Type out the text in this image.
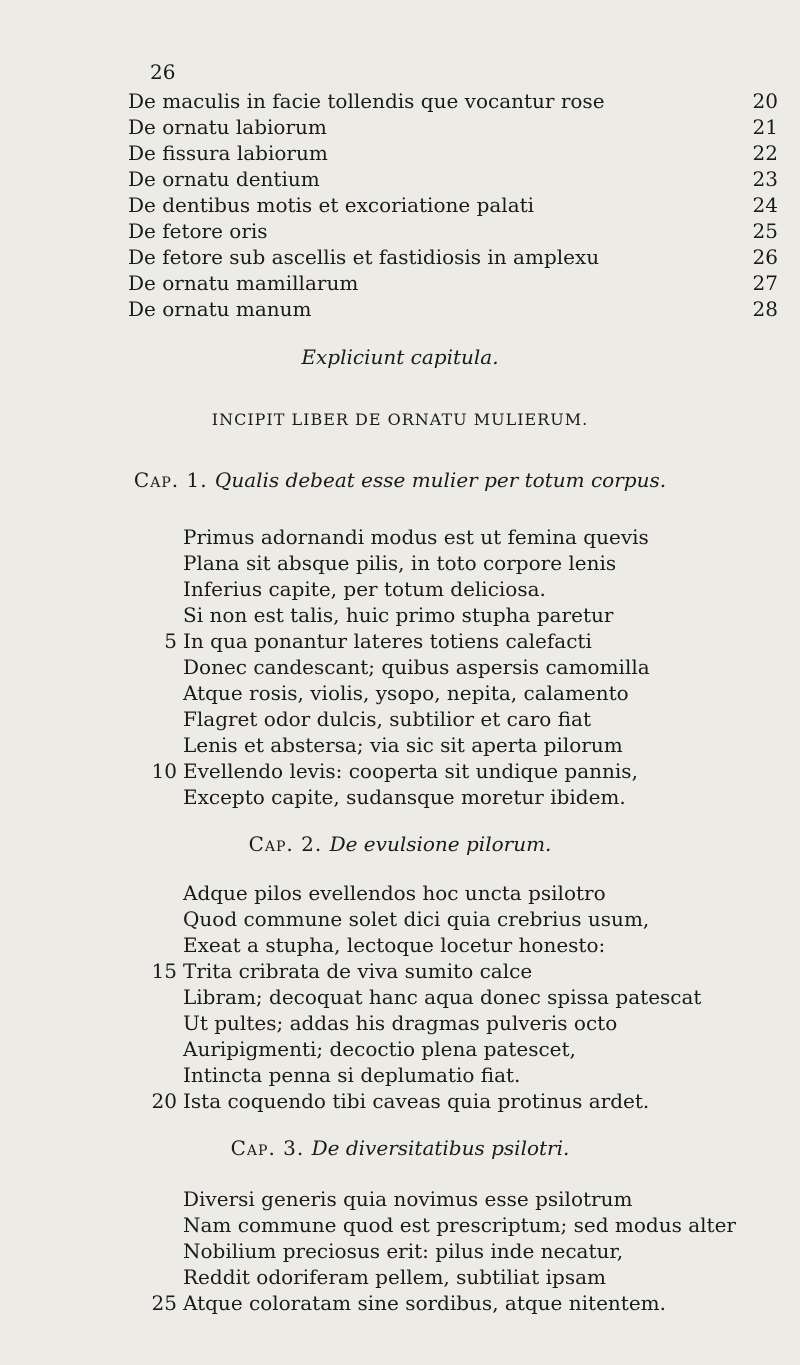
26
De maculis in facie tollendis que vocantur rose	20
De ornatu labiorum	21
De fissura labiorum	22
De ornatu dentium	23
De dentibus motis et excoriatione palati	24
De fetore oris	25
De fetore sub ascellis et fastidiosis in amplexu	26
De ornatu mamillarum	27
De ornatu manum	28
Expliciunt capitula.
INCIPIT LIBER DE ORNATU MULIERUM.
Cap. 1. Qualis debeat esse mulier per totum corpus.
Primus adornandi modus est ut femina quevis
Plana sit absque pilis, in toto corpore lenis
Inferius capite, per totum deliciosa.
Si non est talis, huic primo stupha paretur
5 In qua ponantur lateres totiens calefacti
Donec candescant; quibus aspersis camomilla
Atque rosis, violis, ysopo, nepita, calamento
Flagret odor dulcis, subtilior et caro fiat
Lenis et abstersa; via sic sit aperta pilorum
10 Evellendo levis: cooperta sit undique pannis,
Excepto capite, sudansque moretur ibidem.
Cap. 2. De evulsione pilorum.
Adque pilos evellendos hoc uncta psilotro
Quod commune solet dici quia crebrius usum,
Exeat a stupha, lectoque locetur honesto:
15 Trita cribrata de viva sumito calce
Libram; decoquat hanc aqua donec spissa patescat
Ut pultes; addas his dragmas pulveris octo
Auripigmenti; decoctio plena patescet,
Intincta penna si deplumatio fiat.
20 Ista coquendo tibi caveas quia protinus ardet.
Cap. 3. De diversitatibus psilotri.
Diversi generis quia novimus esse psilotrum
Nam commune quod est prescriptum; sed modus alter
Nobilium preciosus erit: pilus inde necatur,
Reddit odoriferam pellem, subtiliat ipsam
25 Atque coloratam sine sordibus, atque nitentem.
